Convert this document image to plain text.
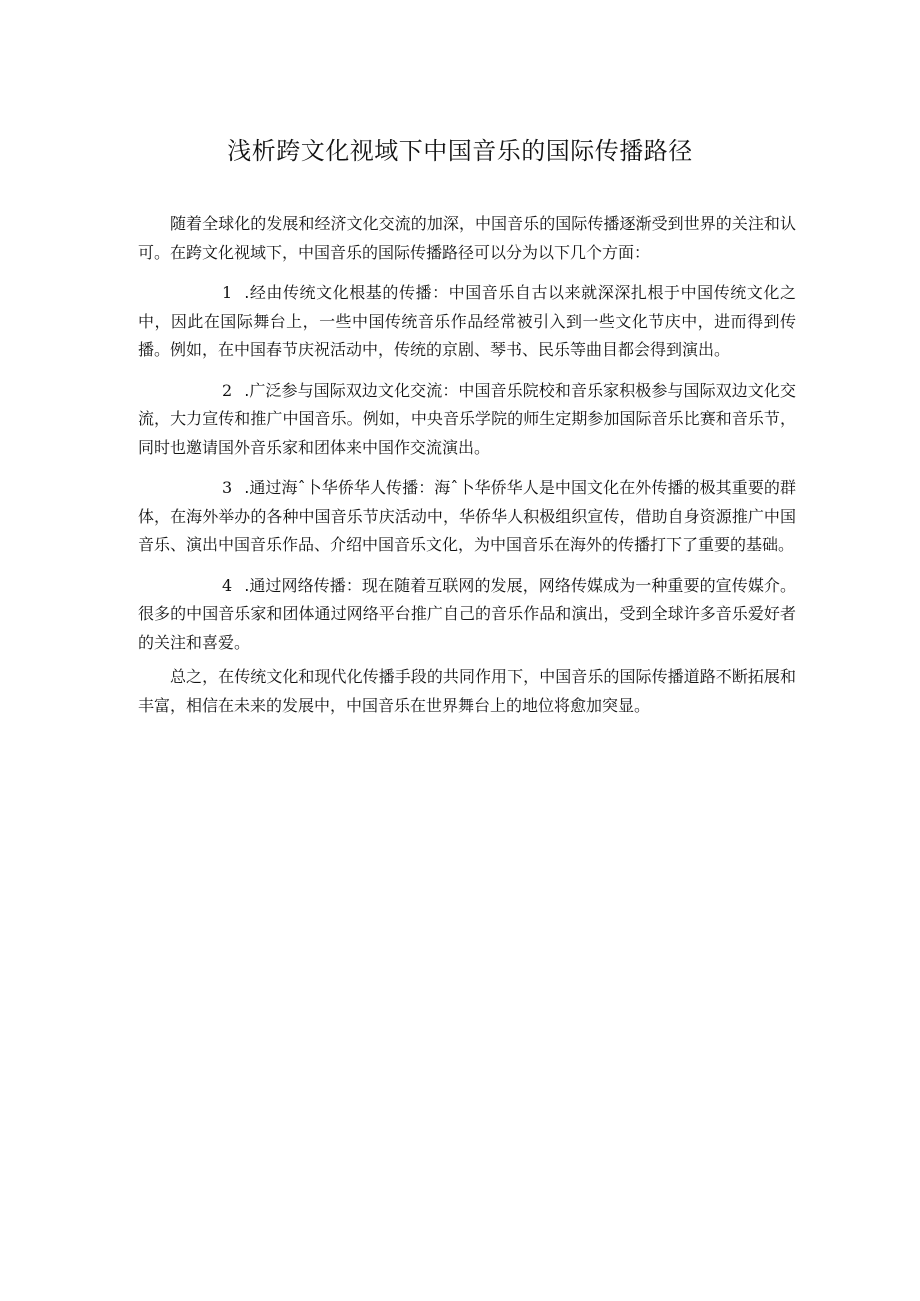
浅析跨文化视域下中国音乐的国际传播路径

随着全球化的发展和经济文化交流的加深，中国音乐的国际传播逐渐受到世界的关注和认可。在跨文化视域下，中国音乐的国际传播路径可以分为以下几个方面：

1 .经由传统文化根基的传播：中国音乐自古以来就深深扎根于中国传统文化之中，因此在国际舞台上，一些中国传统音乐作品经常被引入到一些文化节庆中，进而得到传播。例如，在中国春节庆祝活动中，传统的京剧、琴书、民乐等曲目都会得到演出。

2 .广泛参与国际双边文化交流：中国音乐院校和音乐家积极参与国际双边文化交流，大力宣传和推广中国音乐。例如，中央音乐学院的师生定期参加国际音乐比赛和音乐节，同时也邀请国外音乐家和团体来中国作交流演出。

3 .通过海ˆ卜华侨华人传播：海ˆ卜华侨华人是中国文化在外传播的极其重要的群体，在海外举办的各种中国音乐节庆活动中，华侨华人积极组织宣传，借助自身资源推广中国音乐、演出中国音乐作品、介绍中国音乐文化，为中国音乐在海外的传播打下了重要的基础。

4 .通过网络传播：现在随着互联网的发展，网络传媒成为一种重要的宣传媒介。很多的中国音乐家和团体通过网络平台推广自己的音乐作品和演出，受到全球许多音乐爱好者的关注和喜爱。

总之，在传统文化和现代化传播手段的共同作用下，中国音乐的国际传播道路不断拓展和丰富，相信在未来的发展中，中国音乐在世界舞台上的地位将愈加突显。
